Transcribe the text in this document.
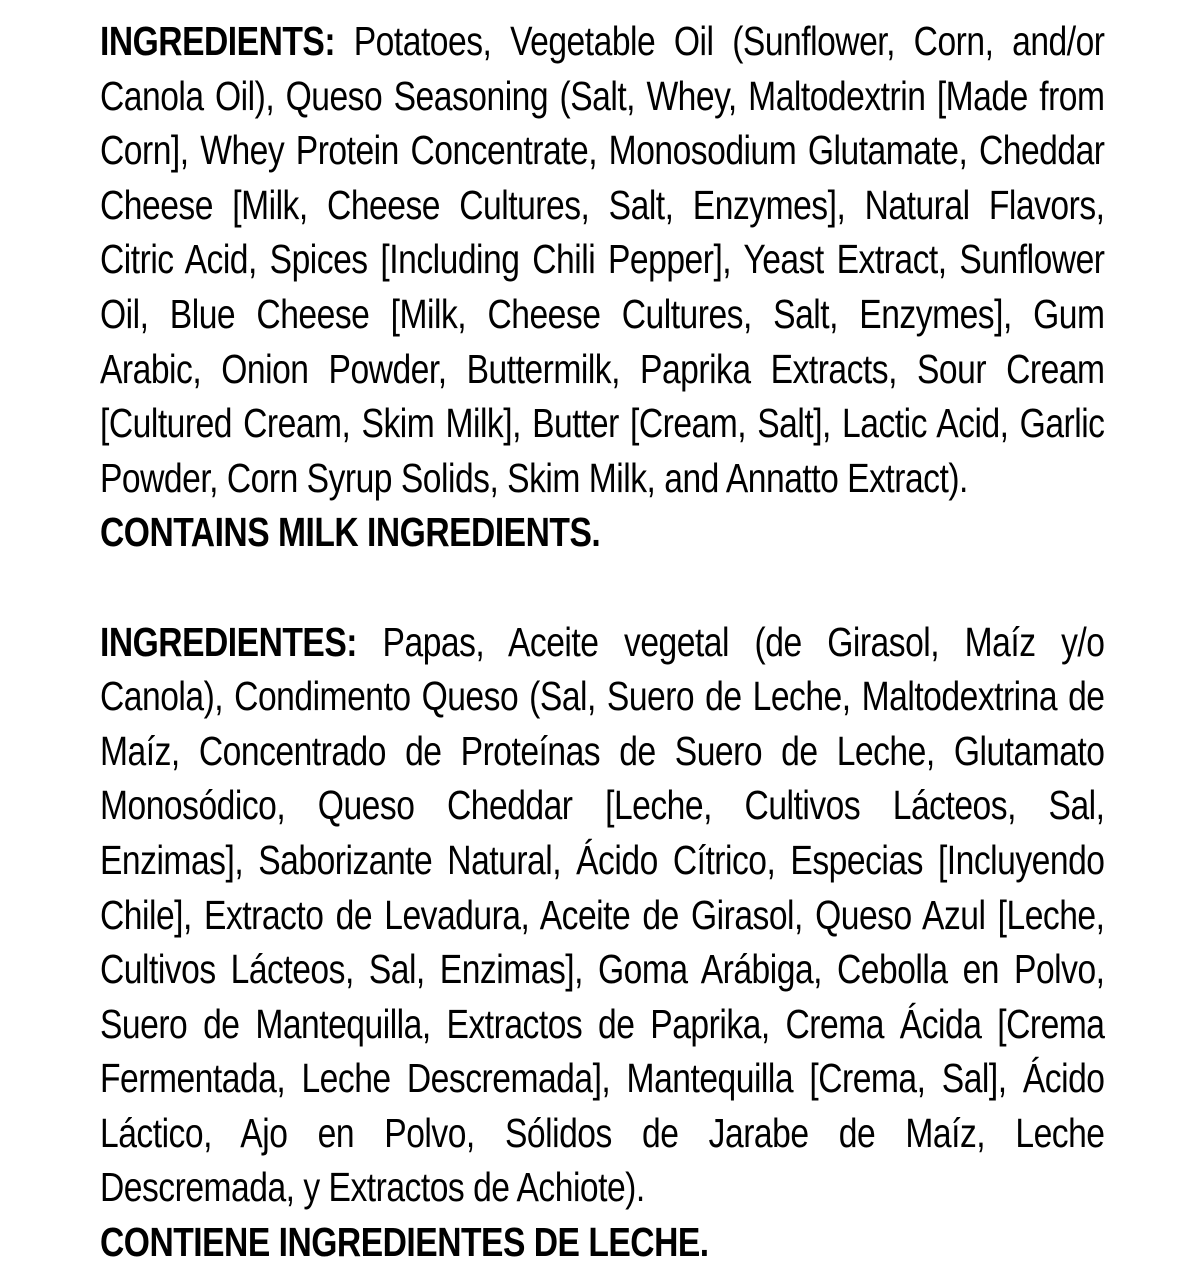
INGREDIENTS: Potatoes, Vegetable Oil (Sunflower, Corn, and/or Canola Oil), Queso Seasoning (Salt, Whey, Maltodextrin [Made from Corn], Whey Protein Concentrate, Monosodium Glutamate, Cheddar Cheese [Milk, Cheese Cultures, Salt, Enzymes], Natural Flavors, Citric Acid, Spices [Including Chili Pepper], Yeast Extract, Sunflower Oil, Blue Cheese [Milk, Cheese Cultures, Salt, Enzymes], Gum Arabic, Onion Powder, Buttermilk, Paprika Extracts, Sour Cream [Cultured Cream, Skim Milk], Butter [Cream, Salt], Lactic Acid, Garlic Powder, Corn Syrup Solids, Skim Milk, and Annatto Extract).

CONTAINS MILK INGREDIENTS.

INGREDIENTES: Papas, Aceite vegetal (de Girasol, Maíz y/o Canola), Condimento Queso (Sal, Suero de Leche, Maltodextrina de Maíz, Concentrado de Proteínas de Suero de Leche, Glutamato Monosódico, Queso Cheddar [Leche, Cultivos Lácteos, Sal, Enzimas], Saborizante Natural, Ácido Cítrico, Especias [Incluyendo Chile], Extracto de Levadura, Aceite de Girasol, Queso Azul [Leche, Cultivos Lácteos, Sal, Enzimas], Goma Arábiga, Cebolla en Polvo, Suero de Mantequilla, Extractos de Paprika, Crema Ácida [Crema Fermentada, Leche Descremada], Mantequilla [Crema, Sal], Ácido Láctico, Ajo en Polvo, Sólidos de Jarabe de Maíz, Leche Descremada, y Extractos de Achiote).

CONTIENE INGREDIENTES DE LECHE.
